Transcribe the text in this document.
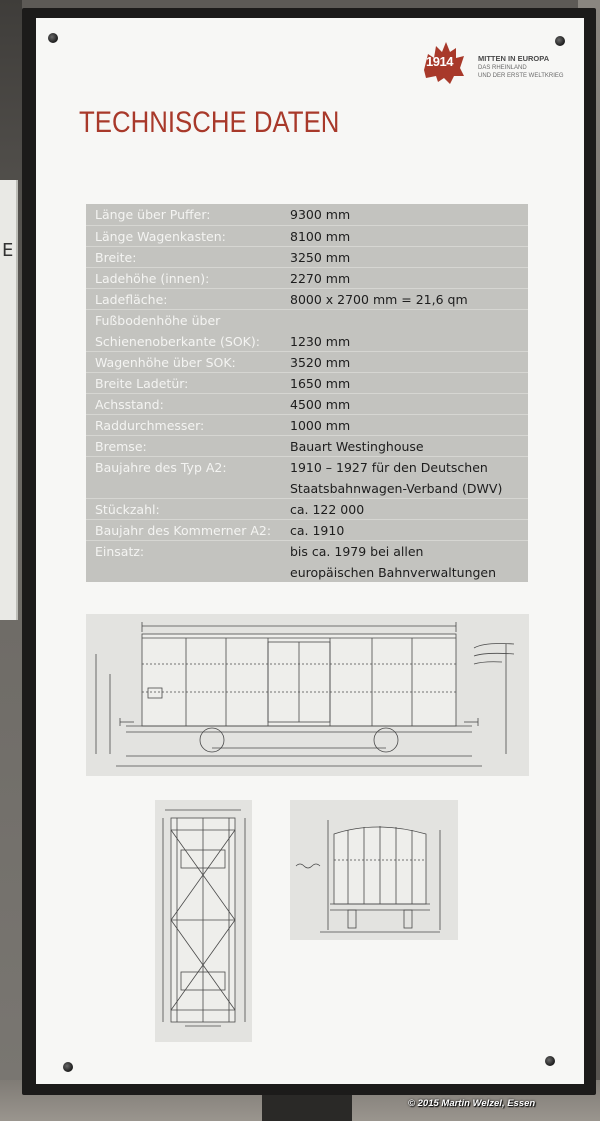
E
1914	MITTEN IN EUROPA
DAS RHEINLAND
UND DER ERSTE WELTKRIEG
TECHNISCHE DATEN
Länge über Puffer:	9300 mm
Länge Wagenkasten:	8100 mm
Breite:	3250 mm
Ladehöhe (innen):	2270 mm
Ladefläche:	8000 x 2700 mm = 21,6 qm
Fußbodenhöhe über
Schienenoberkante (SOK): 1230 mm
Wagenhöhe über SOK:	3520 mm
Breite Ladetür:	1650 mm
Achsstand:	4500 mm
Raddurchmesser:	1000 mm
Bremse:	Bauart Westinghouse
Baujahre des Typ A2:	1910 – 1927 für den Deutschen
Staatsbahnwagen-Verband (DWV)
Stückzahl:	ca. 122 000
Baujahr des Kommerner A2: ca. 1910
Einsatz:	bis ca. 1979 bei allen
europäischen Bahnverwaltungen
© 2015 Martin Welzel, Essen
